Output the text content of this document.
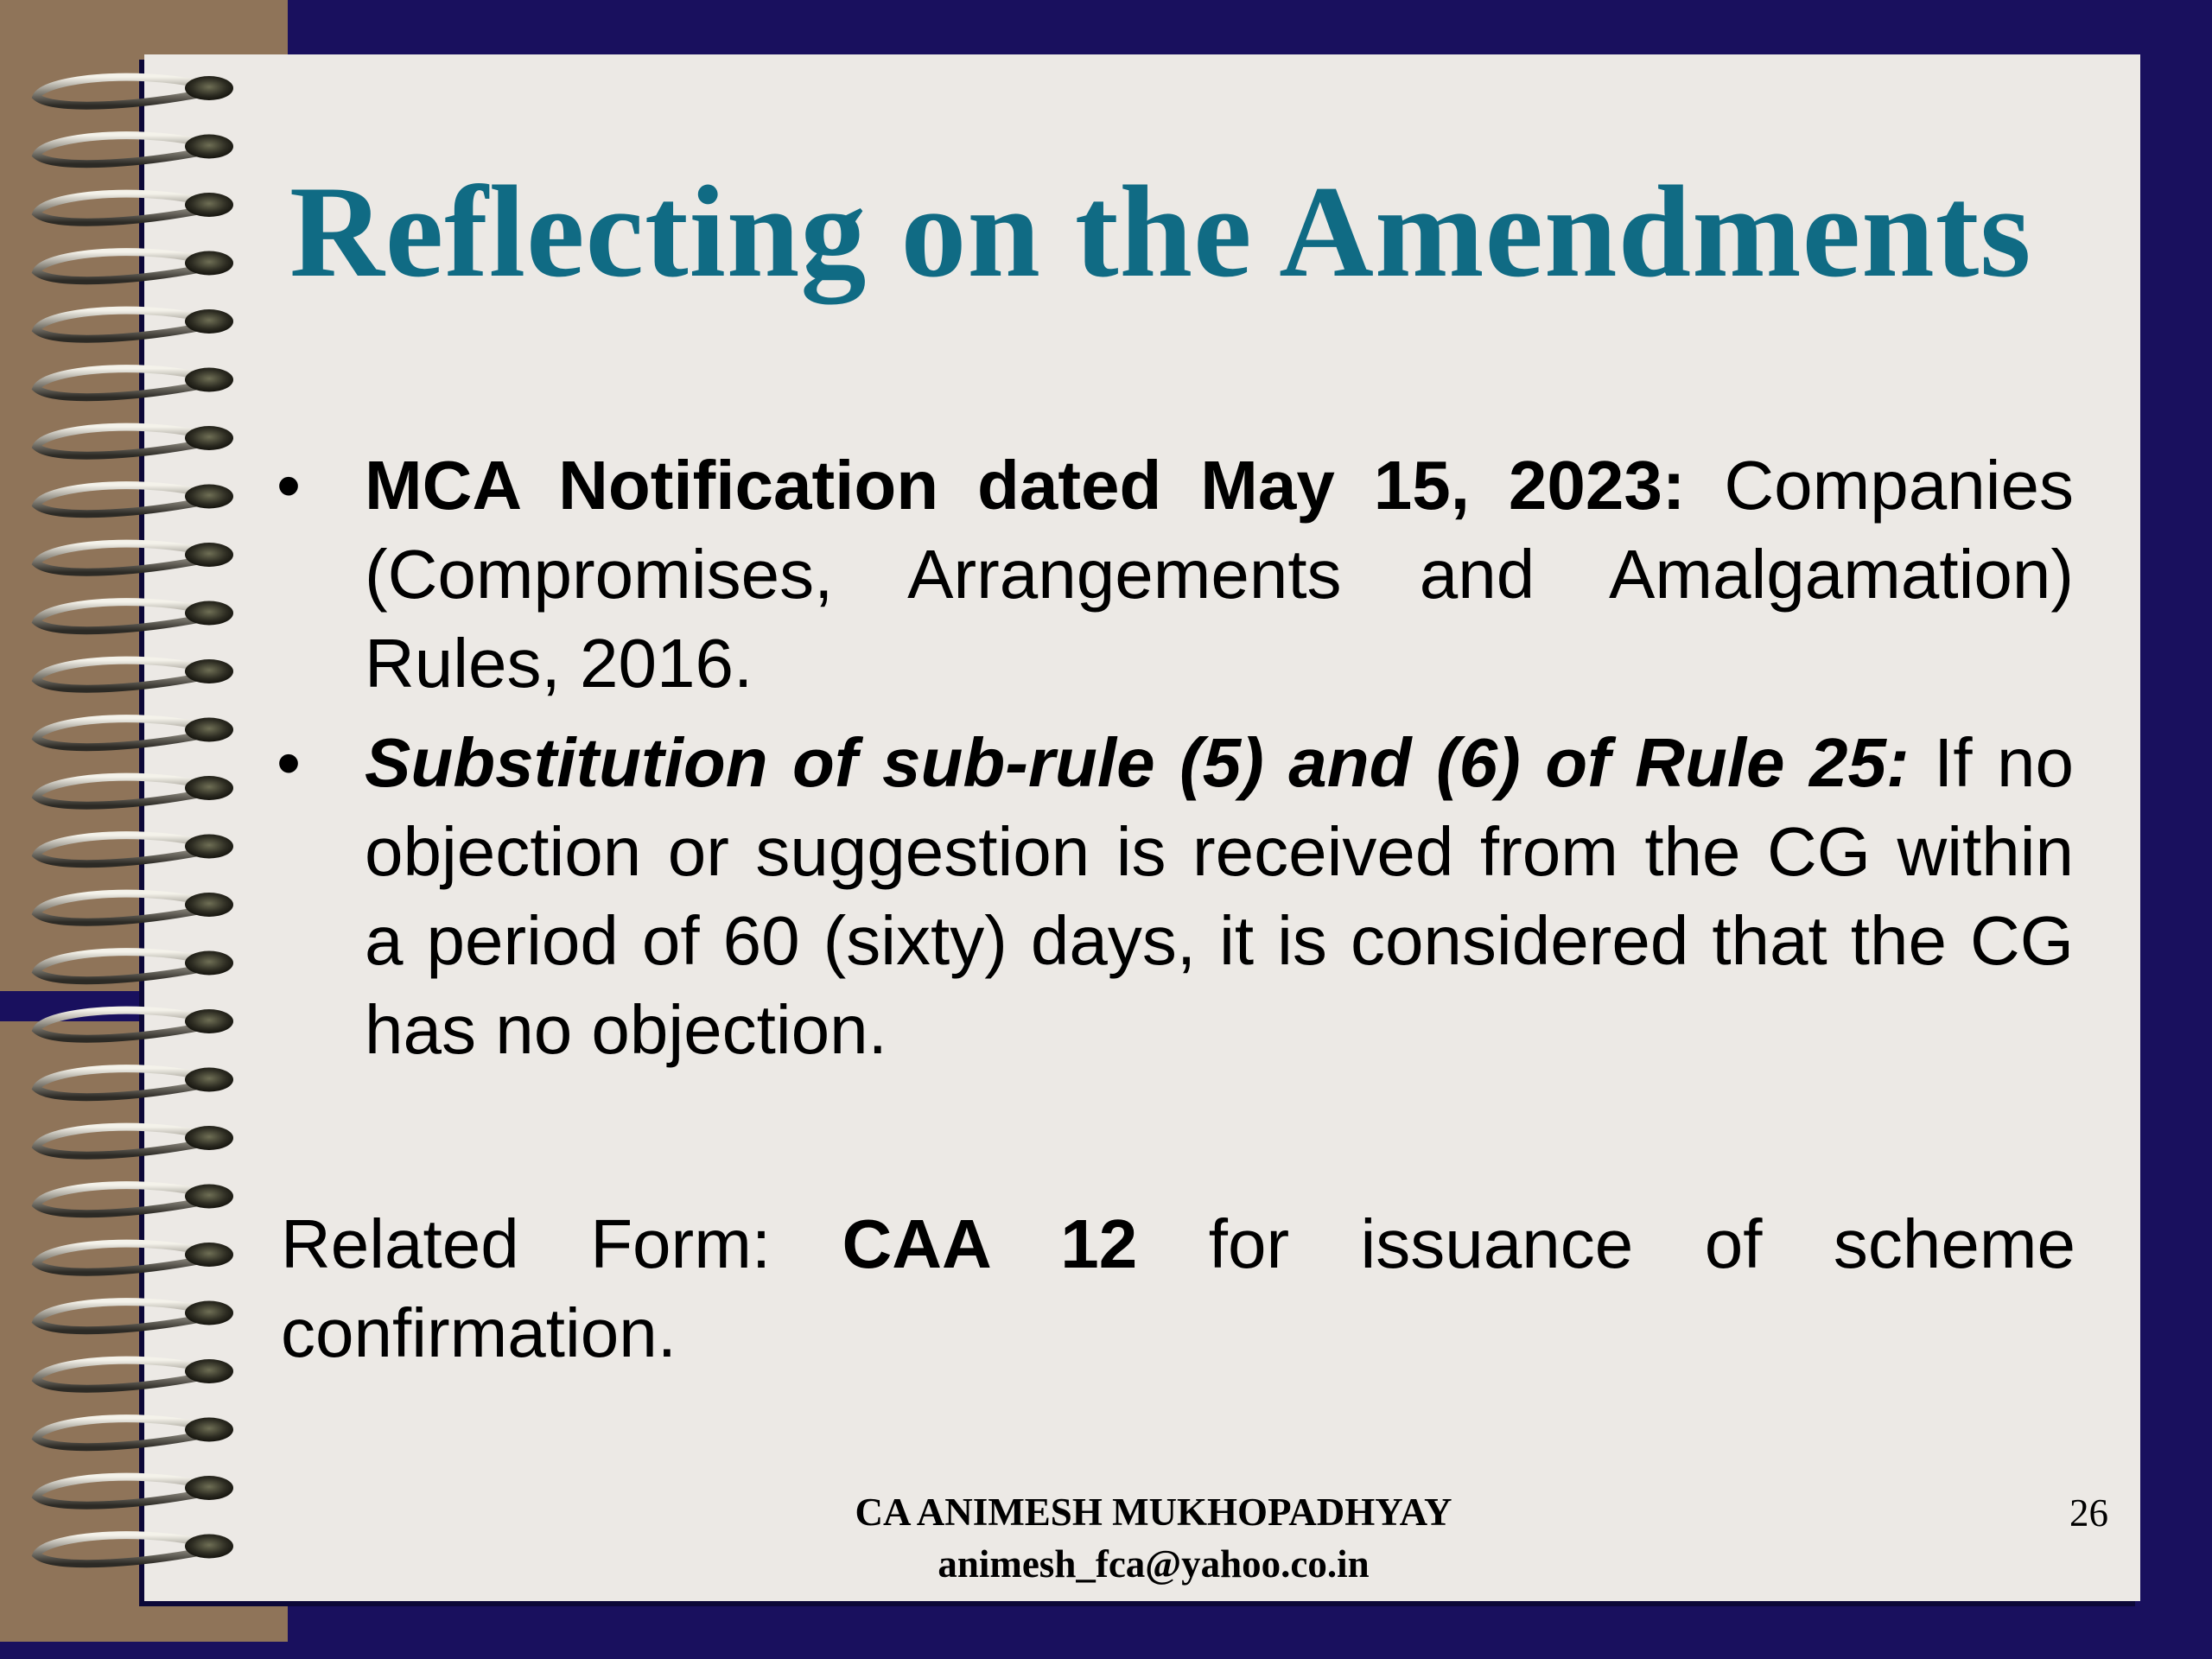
Reflecting on the Amendments
• MCA Notification dated May 15, 2023: Companies (Compromises, Arrangements and Amalgamation) Rules, 2016.
• Substitution of sub-rule (5) and (6) of Rule 25: If no objection or suggestion is received from the CG within a period of 60 (sixty) days, it is considered that the CG has no objection.

Related Form: CAA 12 for issuance of scheme confirmation.

CA ANIMESH MUKHOPADHYAY
animesh_fca@yahoo.co.in
26
